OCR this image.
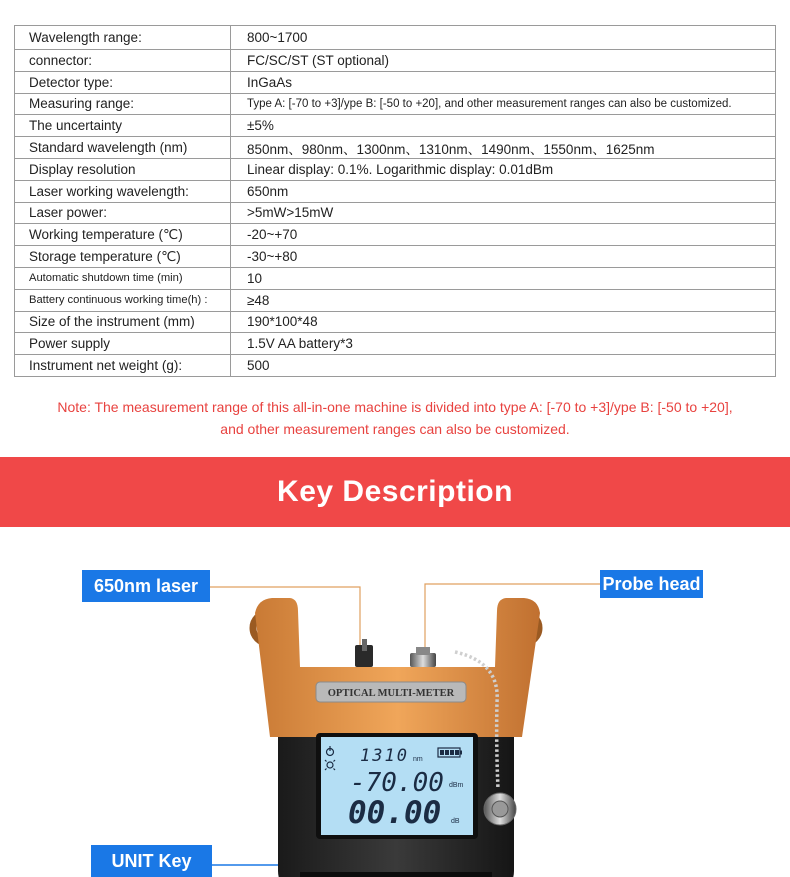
Wavelength range:	800~1700
connector:	FC/SC/ST (ST optional)
Detector type:	InGaAs
Measuring range:	Type A: [-70 to +3]/ype B: [-50 to +20], and other measurement ranges can also be customized.
The uncertainty	±5%
Standard wavelength (nm)	850nm、980nm、1300nm、1310nm、1490nm、1550nm、1625nm
Display resolution	Linear display: 0.1%. Logarithmic display: 0.01dBm
Laser working wavelength:	650nm
Laser power:	>5mW>15mW
Working temperature (℃)	-20~+70
Storage temperature (℃)	-30~+80
Automatic shutdown time (min)	10
Battery continuous working time(h) :	≥48
Size of the instrument (mm)	190*100*48
Power supply	1.5V AA battery*3
Instrument net weight (g):	500
Note: The measurement range of this all-in-one machine is divided into type A: [-70 to +3]/ype B: [-50 to +20],
and other measurement ranges can also be customized.
Key Description
OPTICAL MULTI-METER
1310 nm
-70.00 dBm
00.00 dB
650nm laser	Probe head
UNIT Key
